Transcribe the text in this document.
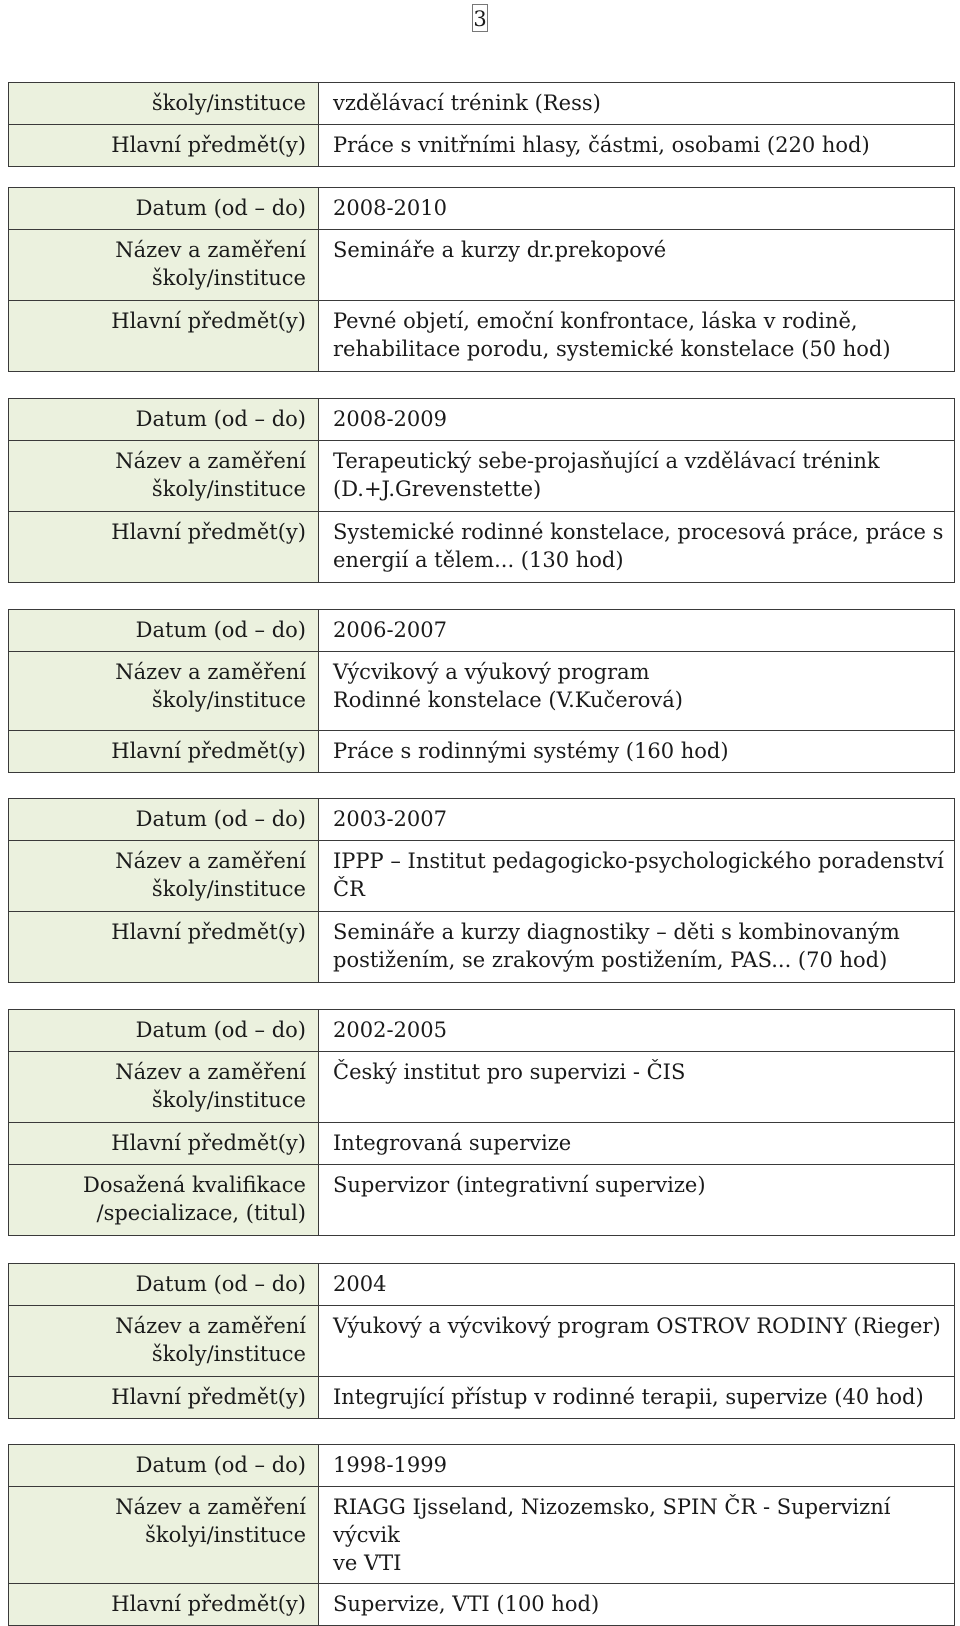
3
školy/instituce	vzdělávací trénink (Ress)
Hlavní předmět(y)	Práce s vnitřními hlasy, částmi, osobami (220 hod)
Datum (od – do)	2008-2010
Název a zaměření
školy/instituce	Semináře a kurzy dr.prekopové
Hlavní předmět(y)	Pevné objetí, emoční konfrontace, láska v rodině,
rehabilitace porodu, systemické konstelace (50 hod)
Datum (od – do)	2008-2009
Název a zaměření
školy/instituce	Terapeutický sebe-projasňující a vzdělávací trénink
(D.+J.Grevenstette)
Hlavní předmět(y)	Systemické rodinné konstelace, procesová práce, práce s
energií a tělem... (130 hod)
Datum (od – do)	2006-2007
Název a zaměření
školy/instituce	Výcvikový a výukový program
Rodinné konstelace (V.Kučerová)
Hlavní předmět(y)	Práce s rodinnými systémy (160 hod)
Datum (od – do)	2003-2007
Název a zaměření
školy/instituce	IPPP – Institut pedagogicko-psychologického poradenství
ČR
Hlavní předmět(y)	Semináře a kurzy diagnostiky – děti s kombinovaným
postižením, se zrakovým postižením, PAS... (70 hod)
Datum (od – do)	2002-2005
Název a zaměření
školy/instituce	Český institut pro supervizi - ČIS
Hlavní předmět(y)	Integrovaná supervize
Dosažená kvalifikace
/specializace, (titul)	Supervizor (integrativní supervize)
Datum (od – do)	2004
Název a zaměření
školy/instituce	Výukový a výcvikový program OSTROV RODINY (Rieger)
Hlavní předmět(y)	Integrující přístup v rodinné terapii, supervize (40 hod)
Datum (od – do)	1998-1999
Název a zaměření
školyi/instituce	RIAGG Ijsseland, Nizozemsko, SPIN ČR - Supervizní výcvik
ve VTI
Hlavní předmět(y)	Supervize, VTI (100 hod)
